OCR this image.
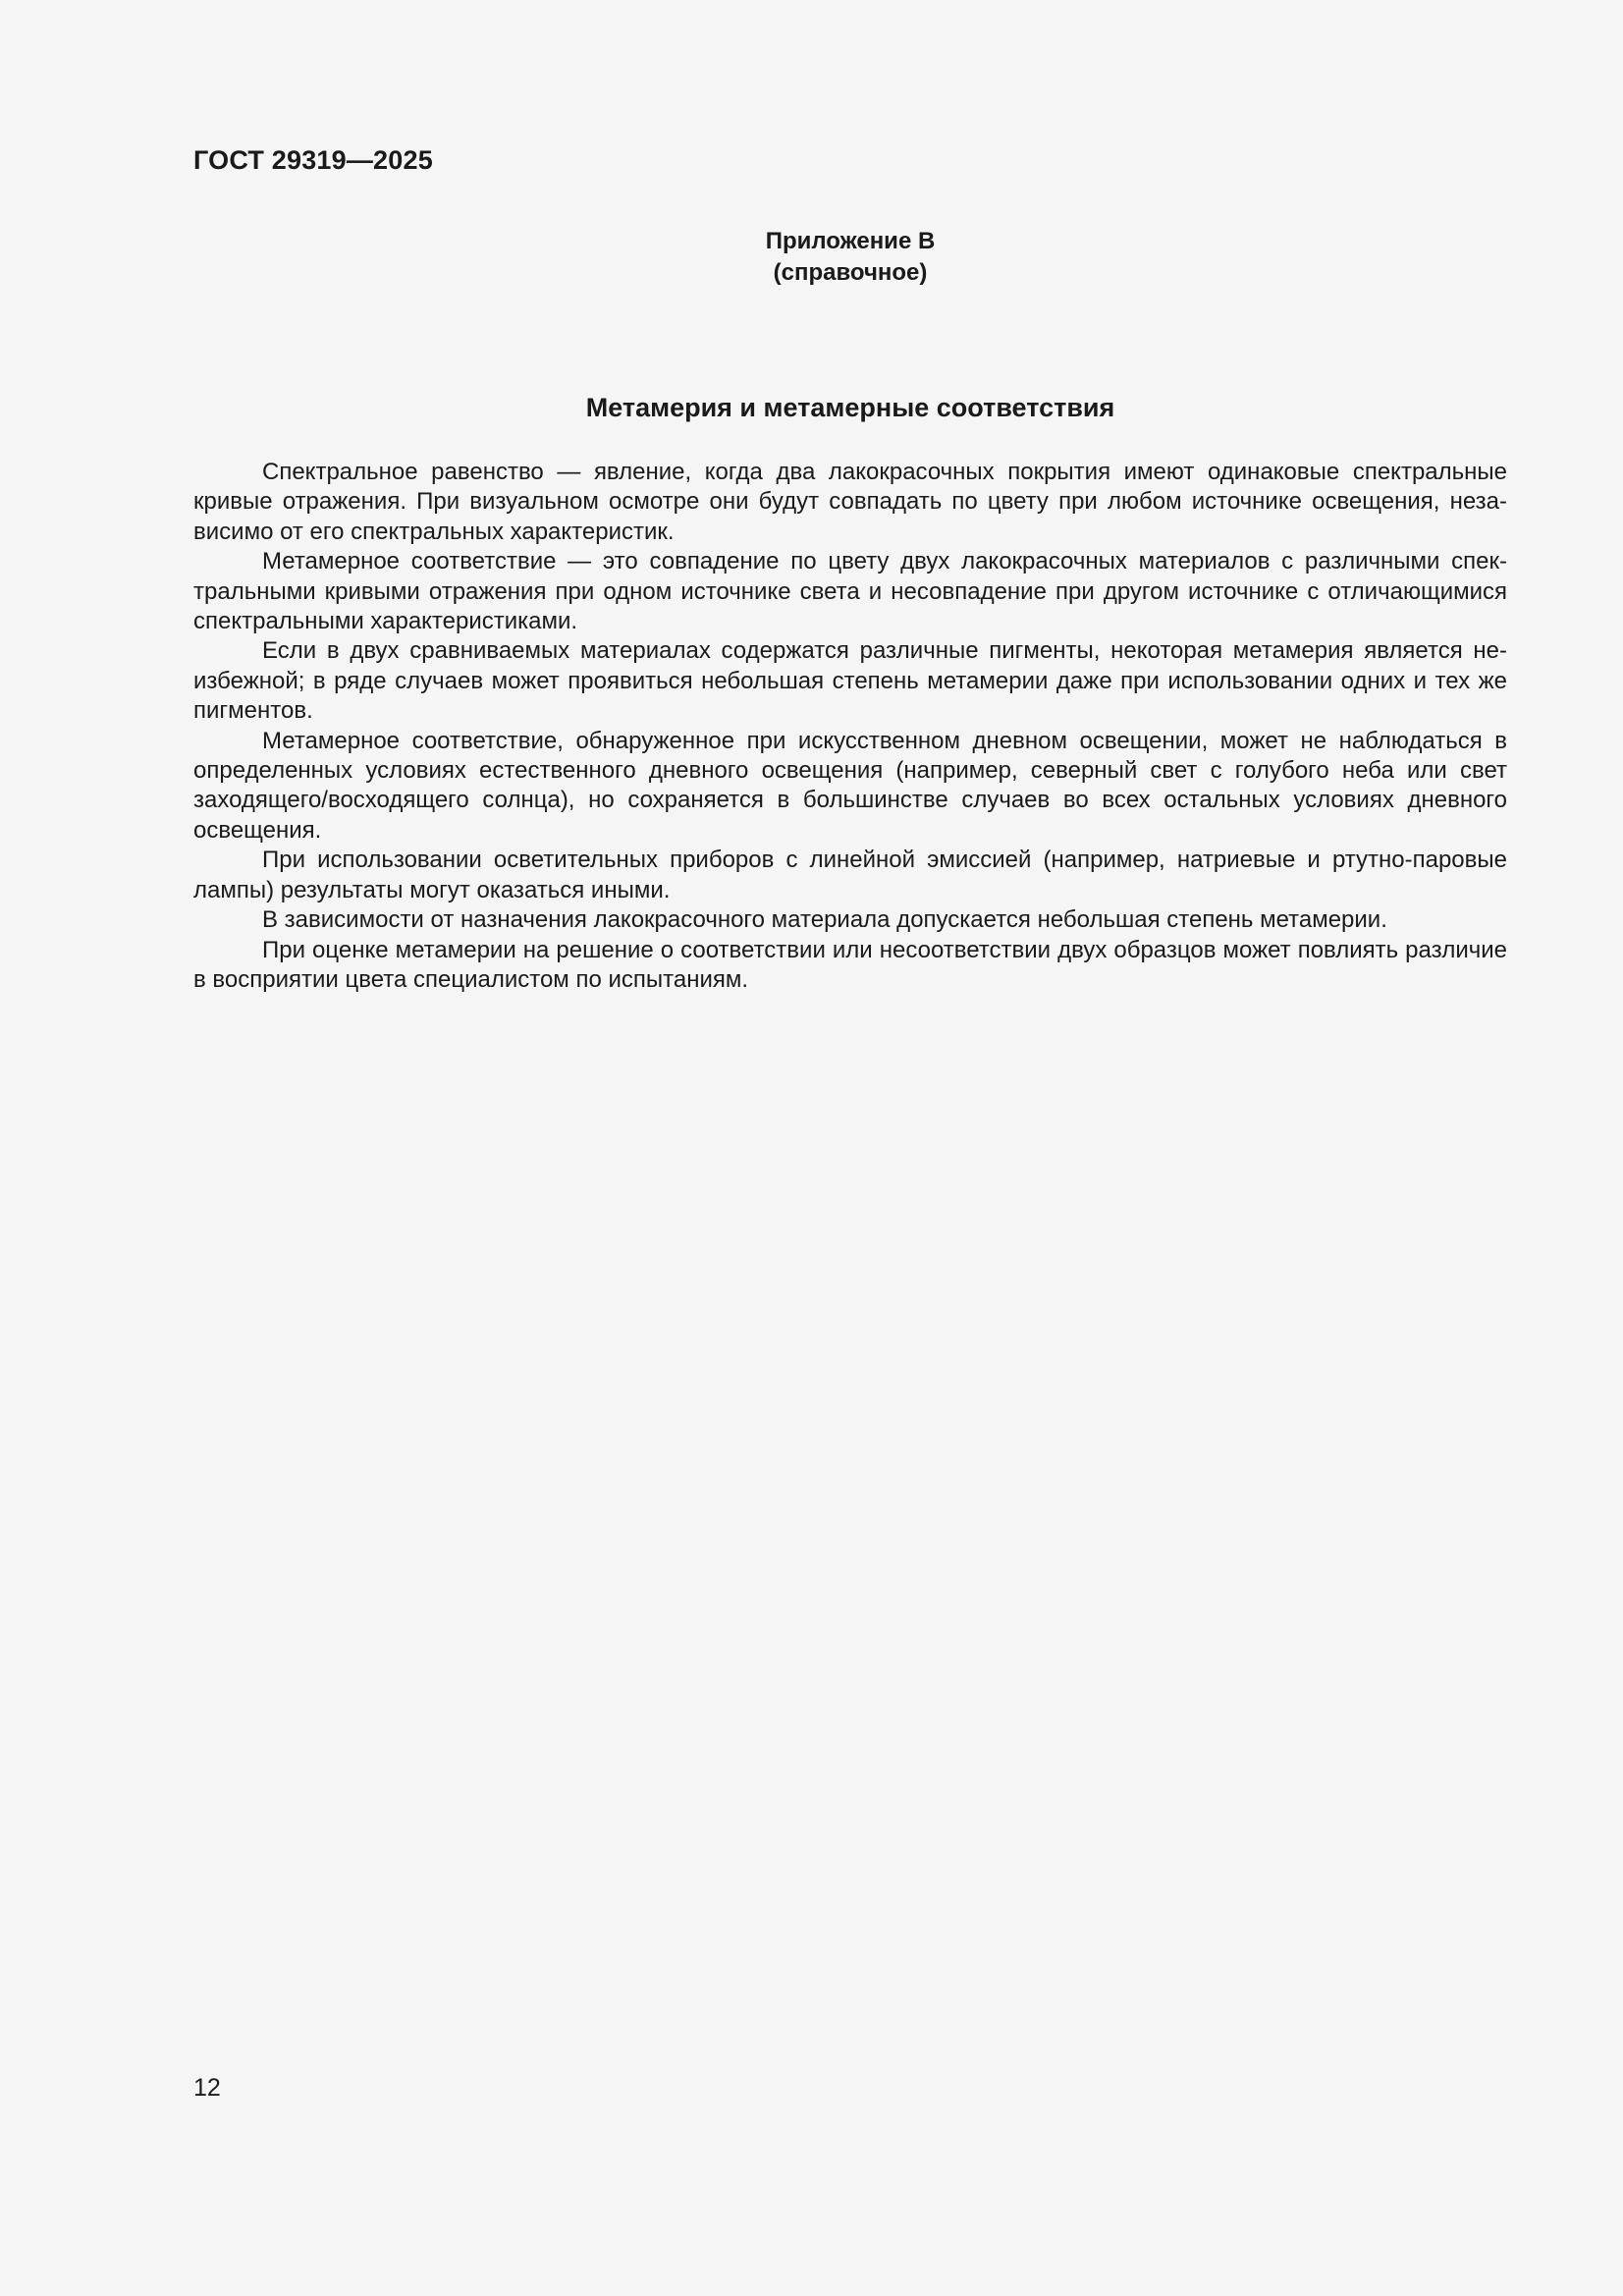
ГОСТ 29319—2025
Приложение В
(справочное)
Метамерия и метамерные соответствия

Спектральное равенство — явление, когда два лакокрасочных покрытия имеют одинаковые спектральные кривые отражения. При визуальном осмотре они будут совпадать по цвету при любом источнике освещения, независимо от его спектральных характеристик.

Метамерное соответствие — это совпадение по цвету двух лакокрасочных материалов с различными спектральными кривыми отражения при одном источнике света и несовпадение при другом источнике с отличающимися спектральными характеристиками.

Если в двух сравниваемых материалах содержатся различные пигменты, некоторая метамерия является неизбежной; в ряде случаев может проявиться небольшая степень метамерии даже при использовании одних и тех же пигментов.

Метамерное соответствие, обнаруженное при искусственном дневном освещении, может не наблюдаться в определенных условиях естественного дневного освещения (например, северный свет с голубого неба или свет заходящего/восходящего солнца), но сохраняется в большинстве случаев во всех остальных условиях дневного освещения.

При использовании осветительных приборов с линейной эмиссией (например, натриевые и ртутно-паровые лампы) результаты могут оказаться иными.

В зависимости от назначения лакокрасочного материала допускается небольшая степень метамерии.

При оценке метамерии на решение о соответствии или несоответствии двух образцов может повлиять различие в восприятии цвета специалистом по испытаниям.

12
